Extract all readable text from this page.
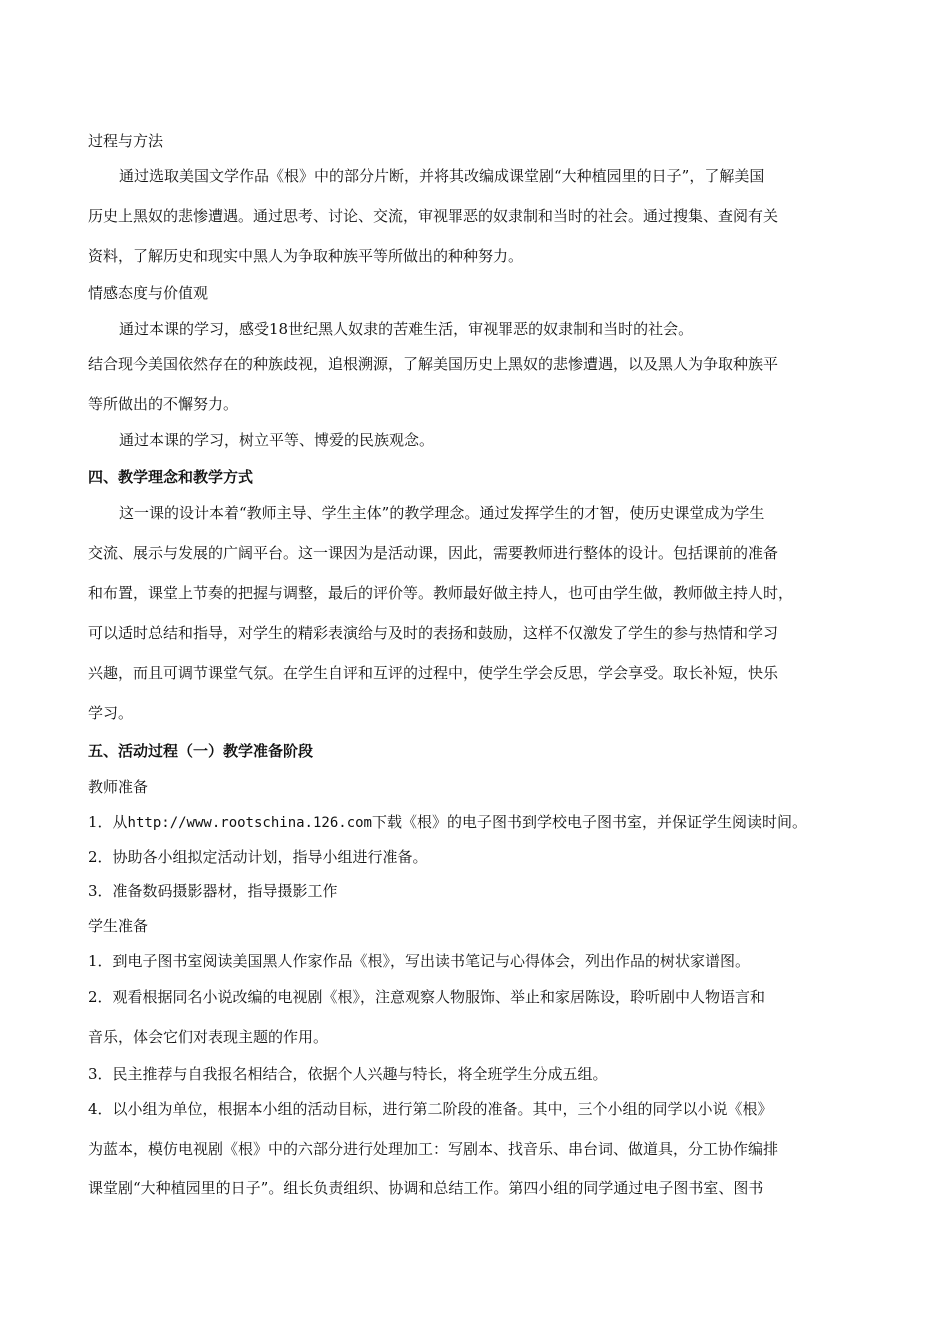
过程与方法
通过选取美国文学作品《根》中的部分片断，并将其改编成课堂剧“大种植园里的日子”，了解美国
历史上黑奴的悲惨遭遇。通过思考、讨论、交流，审视罪恶的奴隶制和当时的社会。通过搜集、查阅有关
资料，了解历史和现实中黑人为争取种族平等所做出的种种努力。
情感态度与价值观
通过本课的学习，感受18世纪黑人奴隶的苦难生活，审视罪恶的奴隶制和当时的社会。
结合现今美国依然存在的种族歧视，追根溯源，了解美国历史上黑奴的悲惨遭遇，以及黑人为争取种族平
等所做出的不懈努力。
通过本课的学习，树立平等、博爱的民族观念。
四、教学理念和教学方式
这一课的设计本着“教师主导、学生主体”的教学理念。通过发挥学生的才智，使历史课堂成为学生
交流、展示与发展的广阔平台。这一课因为是活动课，因此，需要教师进行整体的设计。包括课前的准备
和布置，课堂上节奏的把握与调整，最后的评价等。教师最好做主持人，也可由学生做，教师做主持人时，
可以适时总结和指导，对学生的精彩表演给与及时的表扬和鼓励，这样不仅激发了学生的参与热情和学习
兴趣，而且可调节课堂气氛。在学生自评和互评的过程中，使学生学会反思，学会享受。取长补短，快乐
学习。
五、活动过程（一）教学准备阶段
教师准备
1．从http://www.rootschina.126.com下载《根》的电子图书到学校电子图书室，并保证学生阅读时间。
2．协助各小组拟定活动计划，指导小组进行准备。
3．准备数码摄影器材，指导摄影工作
学生准备
1．到电子图书室阅读美国黑人作家作品《根》，写出读书笔记与心得体会，列出作品的树状家谱图。
2．观看根据同名小说改编的电视剧《根》，注意观察人物服饰、举止和家居陈设，聆听剧中人物语言和
音乐，体会它们对表现主题的作用。
3．民主推荐与自我报名相结合，依据个人兴趣与特长，将全班学生分成五组。
4．以小组为单位，根据本小组的活动目标，进行第二阶段的准备。其中，三个小组的同学以小说《根》
为蓝本，模仿电视剧《根》中的六部分进行处理加工：写剧本、找音乐、串台词、做道具，分工协作编排
课堂剧“大种植园里的日子”。组长负责组织、协调和总结工作。第四小组的同学通过电子图书室、图书
